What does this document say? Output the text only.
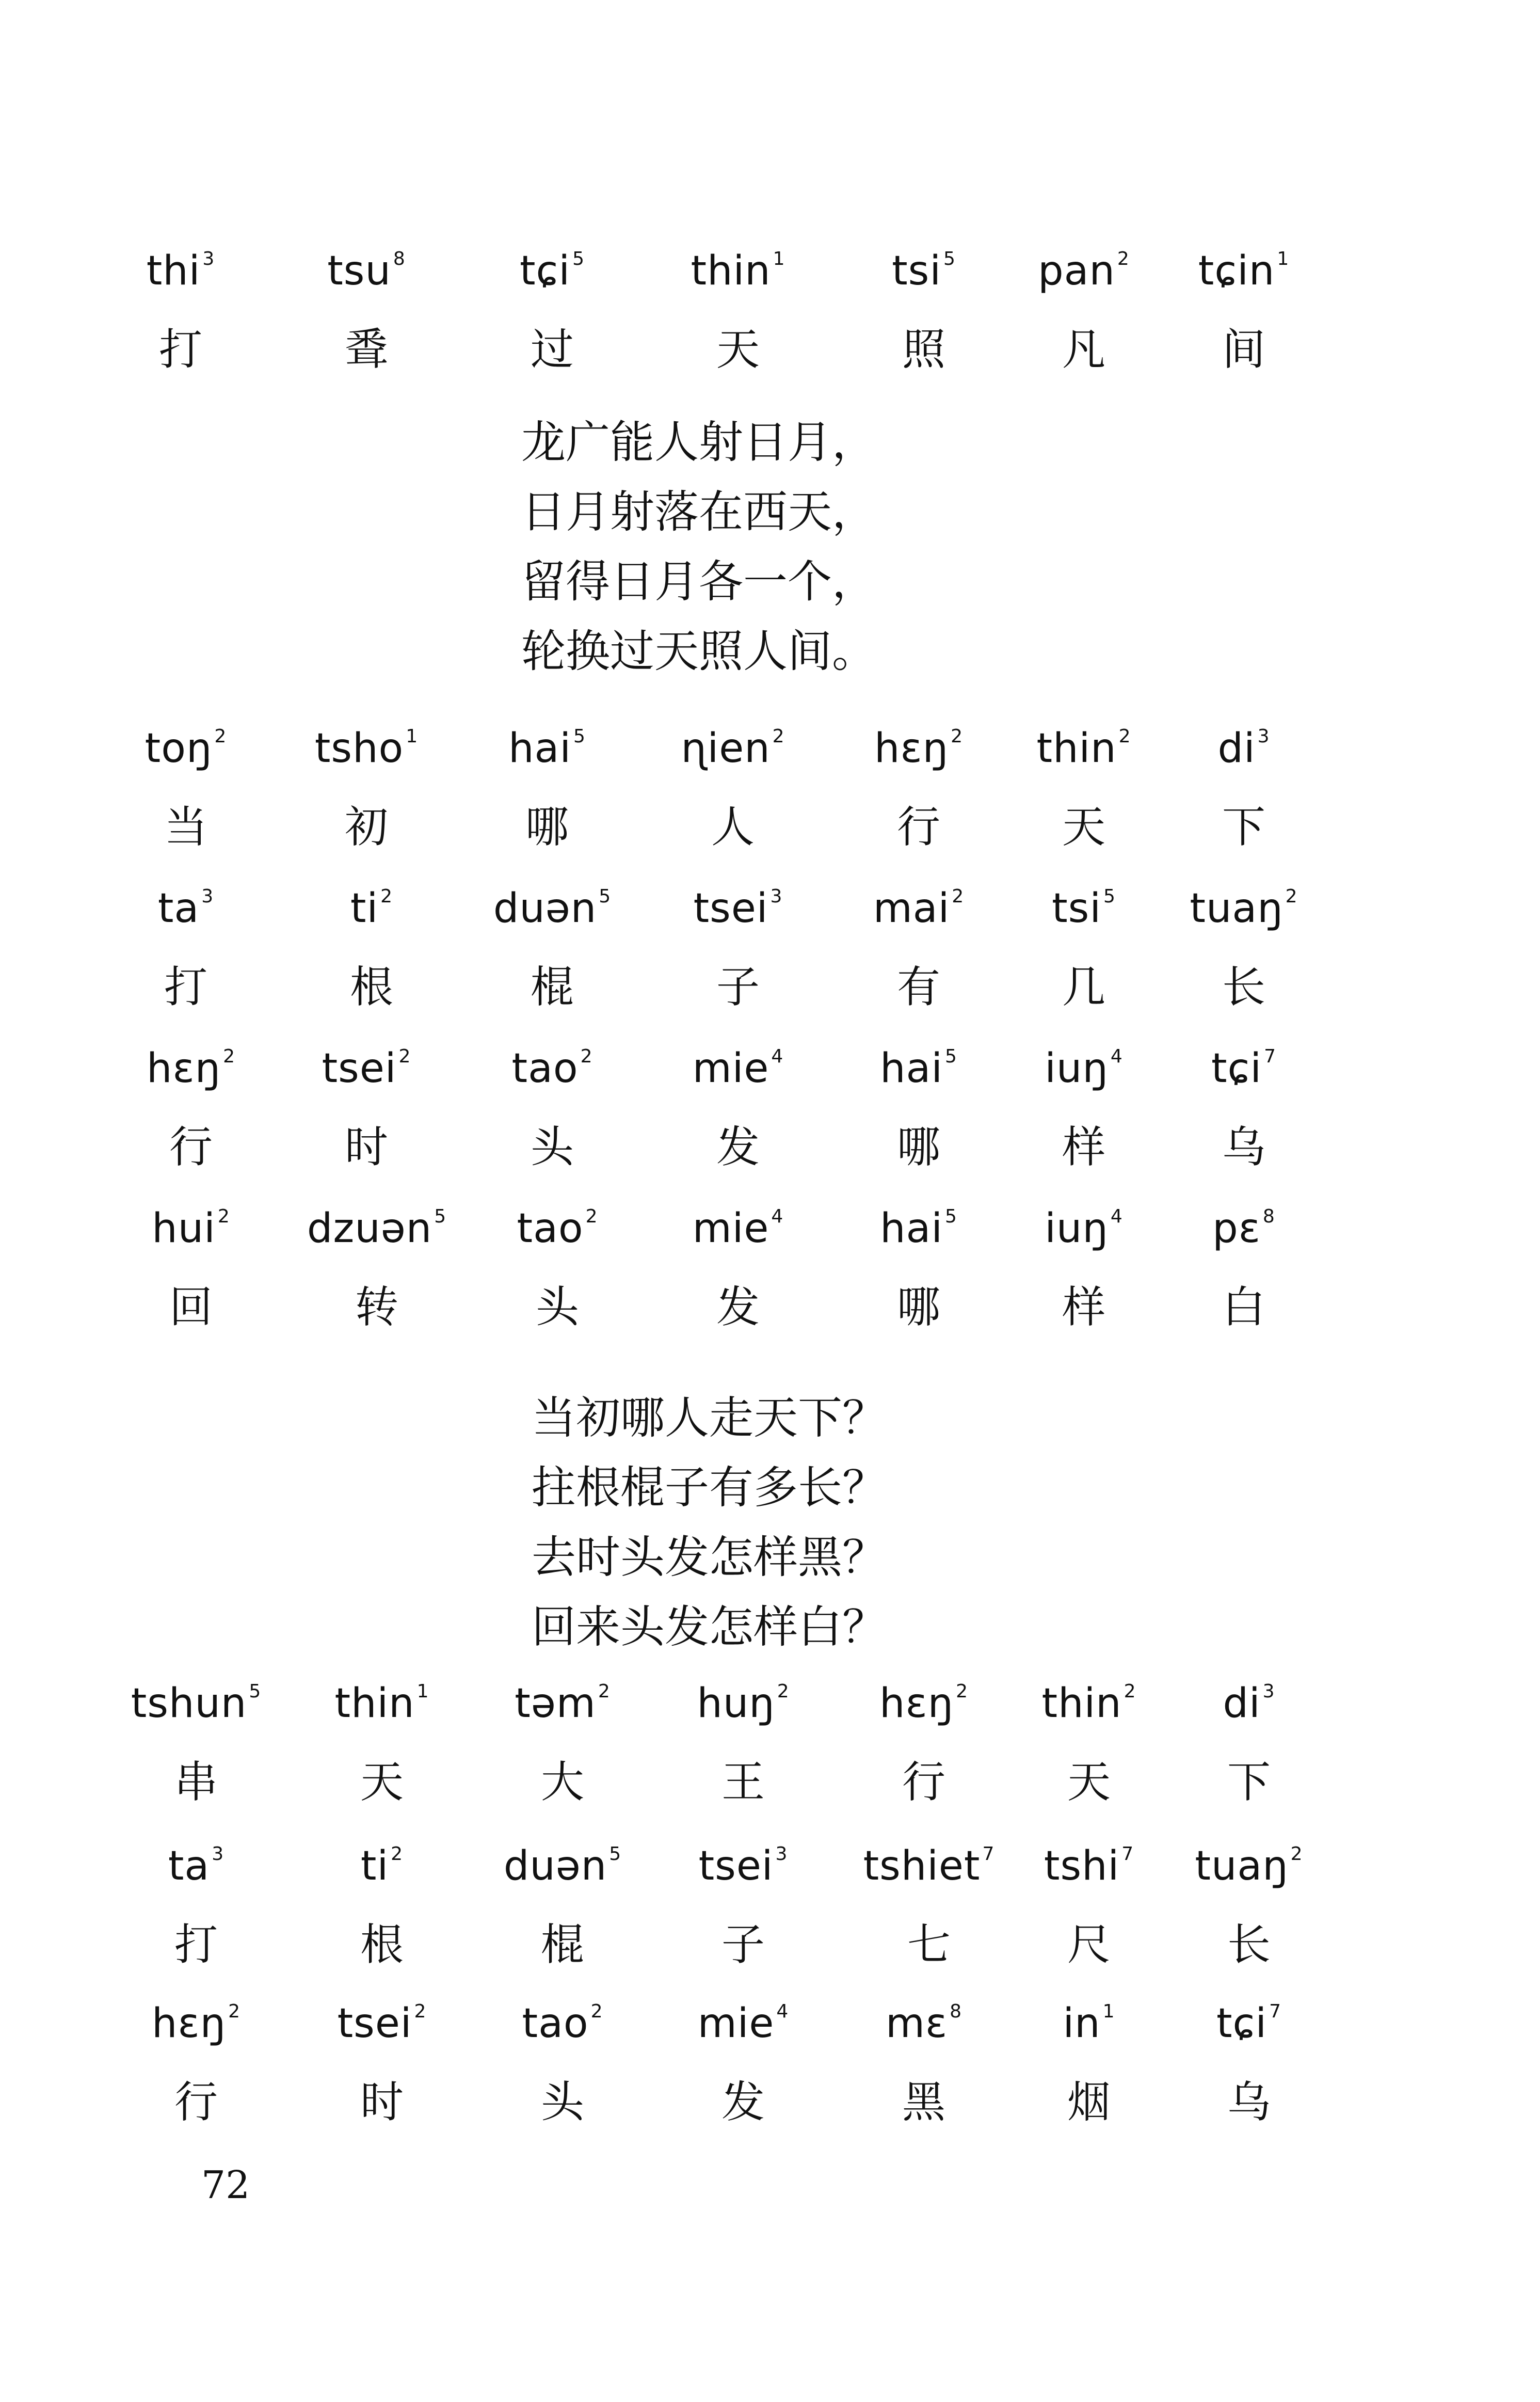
thi $^3$
打
tsu $^8$
䎹
tɕi $^5$
过
thin $^1$
天
tsi $^5$
照
pan $^2$
凡
tɕin $^1$
间
龙广能人射日月，
日月射落在西天，
留得日月各一个，
轮换过天照人间。
toŋ $^2$
当
tsho $^1$
初
hai $^5$
哪
ɳien $^2$
人
hɛŋ $^2$
行
thin $^2$
天
di $^3$
下
ta $^3$
打
ti $^2$
根
duən $^5$
棍
tsei $^3$
子
mai $^2$
有
tsi $^5$
几
tuaŋ $^2$
长
hɛŋ $^2$
行
tsei $^2$
时
tao $^2$
头
mie $^4$
发
hai $^5$
哪
iuŋ $^4$
样
tɕi $^7$
乌
hui $^2$
回
dzuən $^5$
转
tao $^2$
头
mie $^4$
发
hai $^5$
哪
iuŋ $^4$
样
pɛ $^8$
白
当初哪人走天下？
拄根棍子有多长？
去时头发怎样黑？
回来头发怎样白？
tshun $^5$
串
thin $^1$
天
təm $^2$
大
huŋ $^2$
王
hɛŋ $^2$
行
thin $^2$
天
di $^3$
下
ta $^3$
打
ti $^2$
根
duən $^5$
棍
tsei $^3$
子
tshiet $^7$
七
tshi $^7$
尺
tuaŋ $^2$
长
hɛŋ $^2$
行
tsei $^2$
时
tao $^2$
头
mie $^4$
发
mɛ $^8$
黑
in $^1$
烟
tɕi $^7$
乌
72
